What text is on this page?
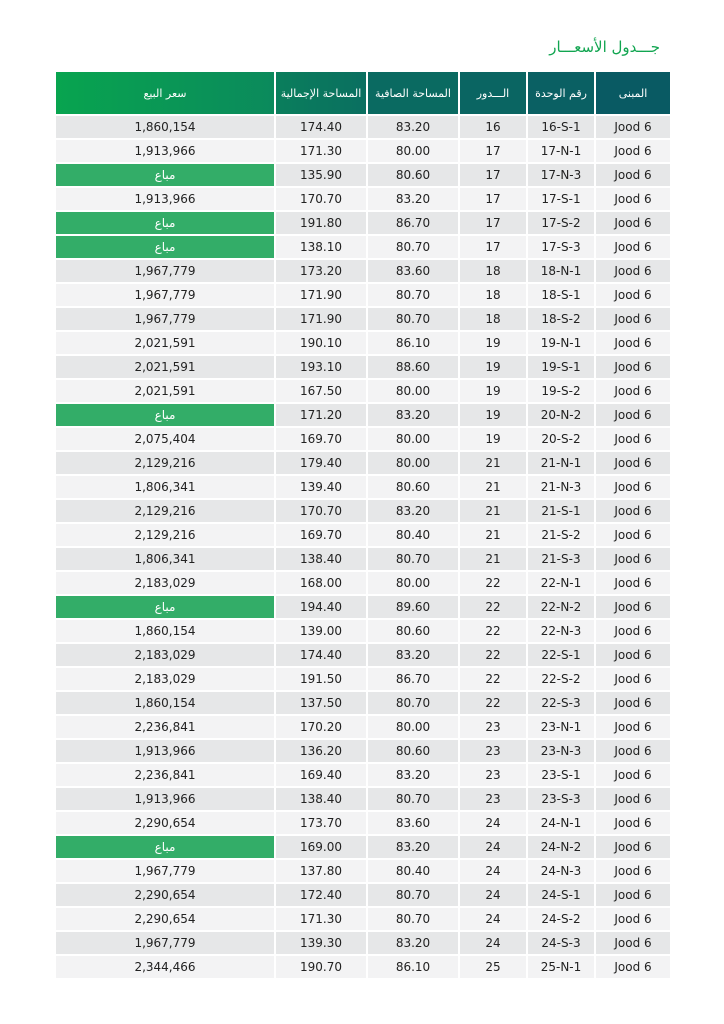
جـــدول الأسعـــار
المبنى	رقم الوحدة	الـــدور	المساحة الصافية	المساحة الإجمالية	سعر البيع
Jood 6	16-S-1	16	83.20	174.40	1,860,154
Jood 6	17-N-1	17	80.00	171.30	1,913,966
Jood 6	17-N-3	17	80.60	135.90	مباع
Jood 6	17-S-1	17	83.20	170.70	1,913,966
Jood 6	17-S-2	17	86.70	191.80	مباع
Jood 6	17-S-3	17	80.70	138.10	مباع
Jood 6	18-N-1	18	83.60	173.20	1,967,779
Jood 6	18-S-1	18	80.70	171.90	1,967,779
Jood 6	18-S-2	18	80.70	171.90	1,967,779
Jood 6	19-N-1	19	86.10	190.10	2,021,591
Jood 6	19-S-1	19	88.60	193.10	2,021,591
Jood 6	19-S-2	19	80.00	167.50	2,021,591
Jood 6	20-N-2	19	83.20	171.20	مباع
Jood 6	20-S-2	19	80.00	169.70	2,075,404
Jood 6	21-N-1	21	80.00	179.40	2,129,216
Jood 6	21-N-3	21	80.60	139.40	1,806,341
Jood 6	21-S-1	21	83.20	170.70	2,129,216
Jood 6	21-S-2	21	80.40	169.70	2,129,216
Jood 6	21-S-3	21	80.70	138.40	1,806,341
Jood 6	22-N-1	22	80.00	168.00	2,183,029
Jood 6	22-N-2	22	89.60	194.40	مباع
Jood 6	22-N-3	22	80.60	139.00	1,860,154
Jood 6	22-S-1	22	83.20	174.40	2,183,029
Jood 6	22-S-2	22	86.70	191.50	2,183,029
Jood 6	22-S-3	22	80.70	137.50	1,860,154
Jood 6	23-N-1	23	80.00	170.20	2,236,841
Jood 6	23-N-3	23	80.60	136.20	1,913,966
Jood 6	23-S-1	23	83.20	169.40	2,236,841
Jood 6	23-S-3	23	80.70	138.40	1,913,966
Jood 6	24-N-1	24	83.60	173.70	2,290,654
Jood 6	24-N-2	24	83.20	169.00	مباع
Jood 6	24-N-3	24	80.40	137.80	1,967,779
Jood 6	24-S-1	24	80.70	172.40	2,290,654
Jood 6	24-S-2	24	80.70	171.30	2,290,654
Jood 6	24-S-3	24	83.20	139.30	1,967,779
Jood 6	25-N-1	25	86.10	190.70	2,344,466
